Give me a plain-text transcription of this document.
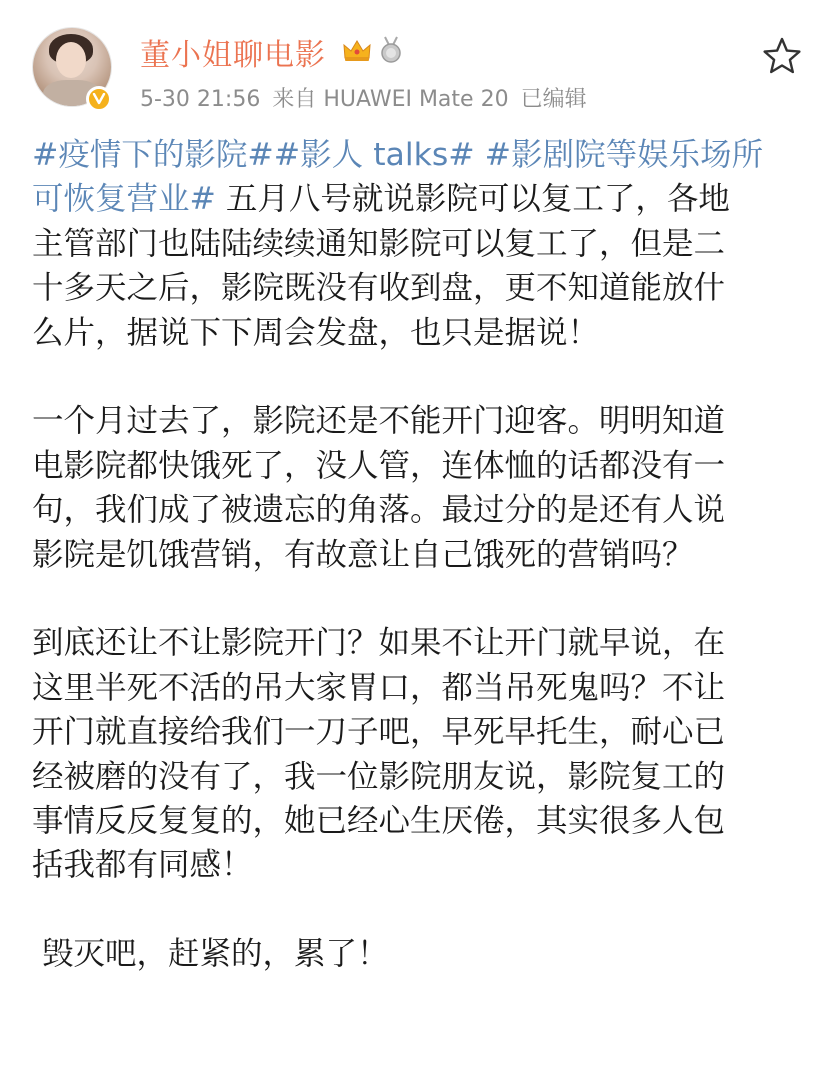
董小姐聊电影
5-30 21:56 来自 HUAWEI Mate 20 已编辑

#疫情下的影院##影人 talks# #影剧院等娱乐场所

可恢复营业# 五月八号就说影院可以复工了，各地

主管部门也陆陆续续通知影院可以复工了，但是二

十多天之后，影院既没有收到盘，更不知道能放什

么片，据说下下周会发盘，也只是据说！

一个月过去了，影院还是不能开门迎客。明明知道

电影院都快饿死了，没人管，连体恤的话都没有一

句，我们成了被遗忘的角落。最过分的是还有人说

影院是饥饿营销，有故意让自己饿死的营销吗？

到底还让不让影院开门？如果不让开门就早说，在

这里半死不活的吊大家胃口，都当吊死鬼吗？不让

开门就直接给我们一刀子吧，早死早托生，耐心已

经被磨的没有了，我一位影院朋友说，影院复工的

事情反反复复的，她已经心生厌倦，其实很多人包

括我都有同感！

毁灭吧，赶紧的，累了！
